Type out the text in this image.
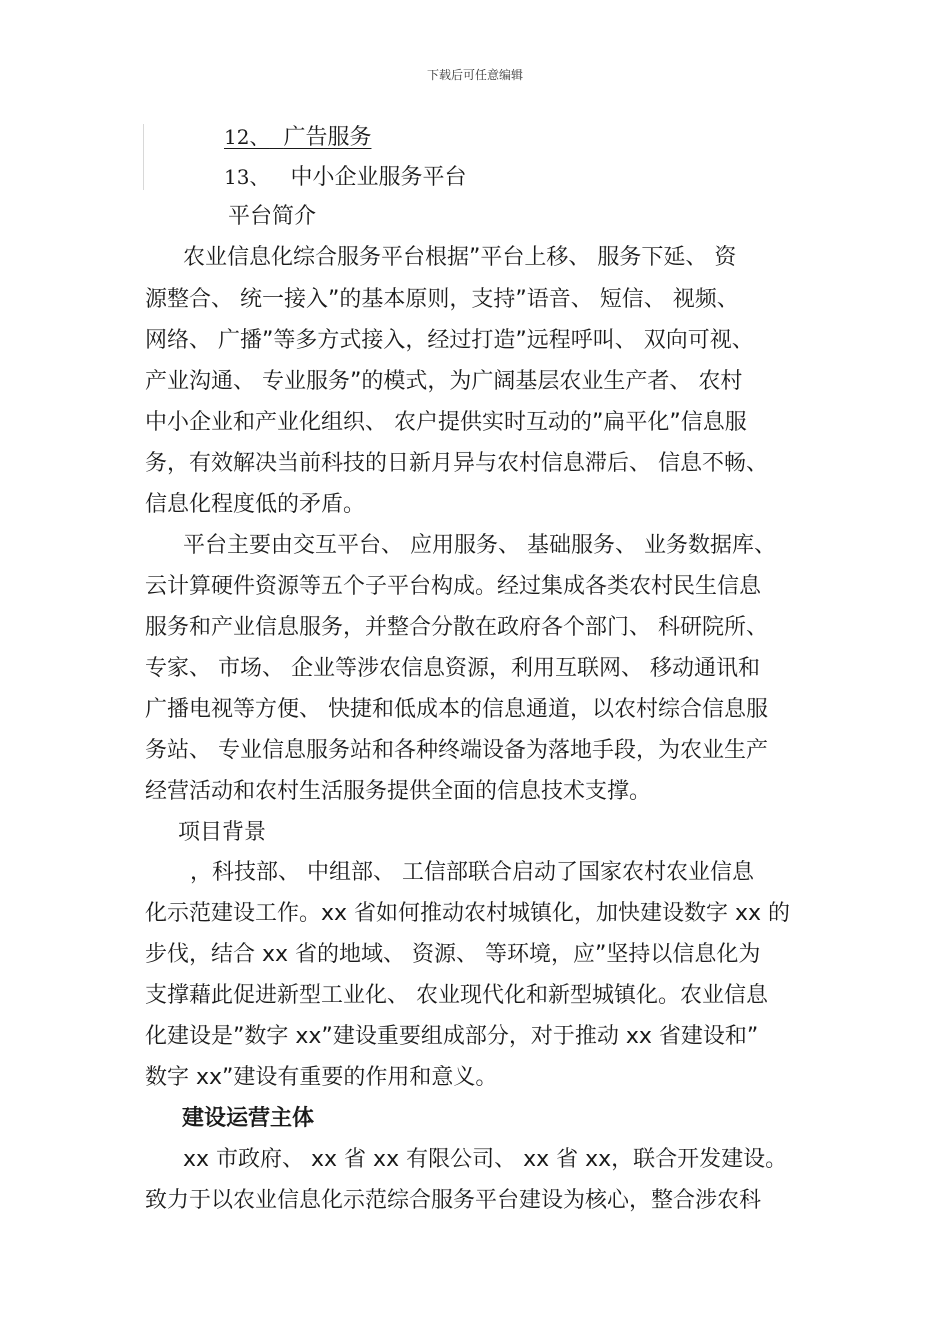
下载后可任意编辑
12、 广告服务
13、 中小企业服务平台
平台简介
农业信息化综合服务平台根据”平台上移、 服务下延、 资
源整合、 统一接入”的基本原则，支持”语音、 短信、 视频、
网络、 广播”等多方式接入，经过打造”远程呼叫、 双向可视、
产业沟通、 专业服务”的模式，为广阔基层农业生产者、 农村
中小企业和产业化组织、 农户提供实时互动的”扁平化”信息服
务，有效解决当前科技的日新月异与农村信息滞后、 信息不畅、
信息化程度低的矛盾。
平台主要由交互平台、 应用服务、 基础服务、 业务数据库、
云计算硬件资源等五个子平台构成。经过集成各类农村民生信息
服务和产业信息服务，并整合分散在政府各个部门、 科研院所、
专家、 市场、 企业等涉农信息资源，利用互联网、 移动通讯和
广播电视等方便、 快捷和低成本的信息通道，以农村综合信息服
务站、 专业信息服务站和各种终端设备为落地手段，为农业生产
经营活动和农村生活服务提供全面的信息技术支撑。
项目背景
，科技部、 中组部、 工信部联合启动了国家农村农业信息
化示范建设工作。xx 省如何推动农村城镇化，加快建设数字 xx 的
步伐，结合 xx 省的地域、 资源、 等环境，应”坚持以信息化为
支撑藉此促进新型工业化、 农业现代化和新型城镇化。农业信息
化建设是”数字 xx”建设重要组成部分，对于推动 xx 省建设和”
数字 xx”建设有重要的作用和意义。
建设运营主体
xx 市政府、 xx 省 xx 有限公司、 xx 省 xx，联合开发建设。
致力于以农业信息化示范综合服务平台建设为核心，整合涉农科
